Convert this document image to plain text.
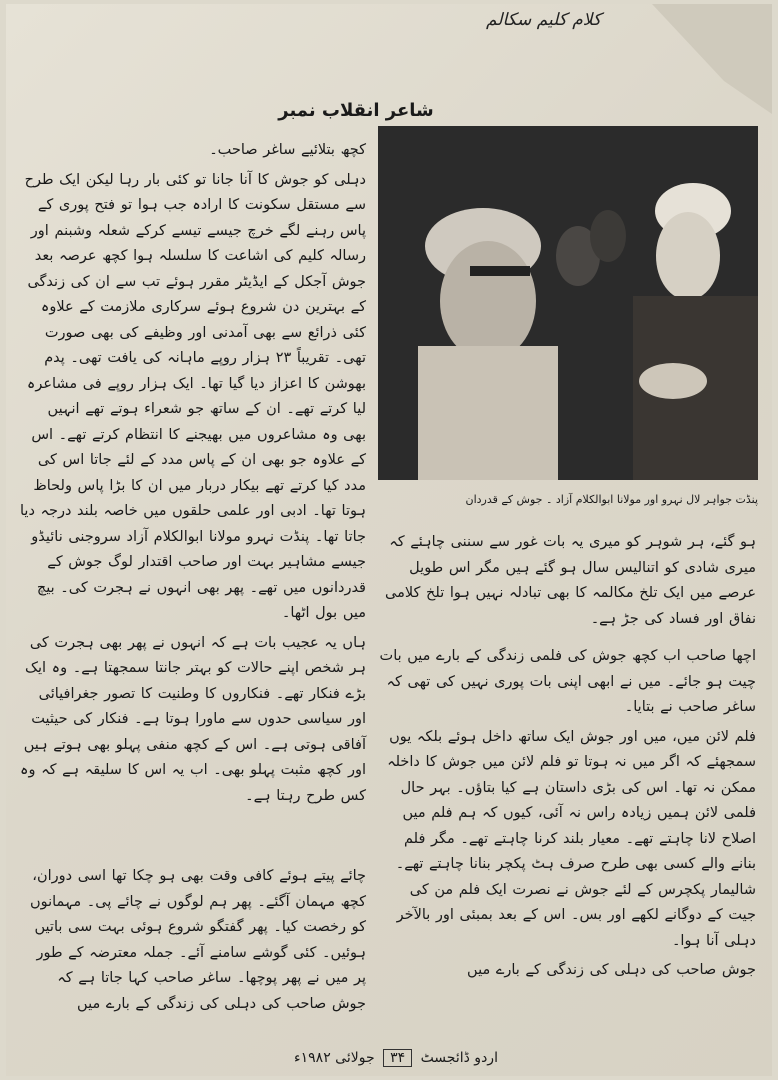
کلام کلیم سکالم
شاعر انقلاب نمبر
پنڈت جواہر لال نہرو اور مولانا ابوالکلام آزاد ۔ جوش کے قدردان

کچھ بتلائیے ساغر صاحب۔

دہلی کو جوش کا آنا جانا تو کئی بار رہا لیکن ایک طرح سے مستقل سکونت کا ارادہ جب ہوا تو فتح پوری کے پاس رہنے لگے خرچ جیسے تیسے کرکے شعلہ وشبنم اور رسالہ کلیم کی اشاعت کا سلسلہ ہوا کچھ عرصہ بعد جوش آجکل کے ایڈیٹر مقرر ہوئے تب سے ان کی زندگی کے بہترین دن شروع ہوئے سرکاری ملازمت کے علاوہ کئی ذرائع سے بھی آمدنی اور وظیفے کی بھی صورت تھی۔ تقریباً ۲۳ ہزار روپے ماہانہ کی یافت تھی۔ پدم بھوشن کا اعزاز دیا گیا تھا۔ ایک ہزار روپے فی مشاعرہ لیا کرتے تھے۔ ان کے ساتھ جو شعراء ہوتے تھے انہیں بھی وہ مشاعروں میں بھیجنے کا انتظام کرتے تھے۔ اس کے علاوہ جو بھی ان کے پاس مدد کے لئے جاتا اس کی مدد کیا کرتے تھے بیکار دربار میں ان کا بڑا پاس ولحاظ ہوتا تھا۔ ادبی اور علمی حلقوں میں خاصہ بلند درجہ دیا جاتا تھا۔ پنڈت نہرو مولانا ابوالکلام آزاد سروجنی نائیڈو جیسے مشاہیر بہت اور صاحب اقتدار لوگ جوش کے قدردانوں میں تھے۔ پھر بھی انہوں نے ہجرت کی۔ بیچ میں بول اٹھا۔

ہاں یہ عجیب بات ہے کہ انہوں نے پھر بھی ہجرت کی ہر شخص اپنے حالات کو بہتر جانتا سمجھتا ہے۔ وہ ایک بڑے فنکار تھے۔ فنکاروں کا وطنیت کا تصور جغرافیائی اور سیاسی حدوں سے ماورا ہوتا ہے۔ فنکار کی حیثیت آفاقی ہوتی ہے۔ اس کے کچھ منفی پہلو بھی ہوتے ہیں اور کچھ مثبت پہلو بھی۔ اب یہ اس کا سلیقہ ہے کہ وہ کس طرح رہتا ہے۔

چائے پیتے ہوئے کافی وقت بھی ہو چکا تھا اسی دوران، کچھ مہمان آگئے۔ پھر ہم لوگوں نے چائے پی۔ مہمانوں کو رخصت کیا۔ پھر گفتگو شروع ہوئی بہت سی باتیں ہوئیں۔ کئی گوشے سامنے آئے۔ جملہ معترضہ کے طور پر میں نے پھر پوچھا۔ ساغر صاحب کہا جاتا ہے کہ جوش صاحب کی دہلی کی زندگی کے بارے میں

ہو گئے، ہر شوہر کو میری یہ بات غور سے سننی چاہئے کہ میری شادی کو اتنالیس سال ہو گئے ہیں مگر اس طویل عرصے میں ایک تلخ مکالمہ کا بھی تبادلہ نہیں ہوا تلخ کلامی نفاق اور فساد کی جڑ ہے۔

اچھا صاحب اب کچھ جوش کی فلمی زندگی کے بارے میں بات چیت ہو جائے۔ میں نے ابھی اپنی بات پوری نہیں کی تھی کہ ساغر صاحب نے بتایا۔

فلم لائن میں، میں اور جوش ایک ساتھ داخل ہوئے بلکہ یوں سمجھئے کہ اگر میں نہ ہوتا تو فلم لائن میں جوش کا داخلہ ممکن نہ تھا۔ اس کی بڑی داستان ہے کیا بتاؤں۔ بہر حال فلمی لائن ہمیں زیادہ راس نہ آئی، کیوں کہ ہم فلم میں اصلاح لانا چاہتے تھے۔ معیار بلند کرنا چاہتے تھے۔ مگر فلم بنانے والے کسی بھی طرح صرف ہٹ پکچر بنانا چاہتے تھے۔ شالیمار پکچرس کے لئے جوش نے نصرت ایک فلم من کی جیت کے دوگانے لکھے اور بس۔ اس کے بعد بمبئی اور بالآخر دہلی آنا ہوا۔

جوش صاحب کی دہلی کی زندگی کے بارے میں

اردو ڈائجسٹ ۳۴ جولائی ۱۹۸۲ء
